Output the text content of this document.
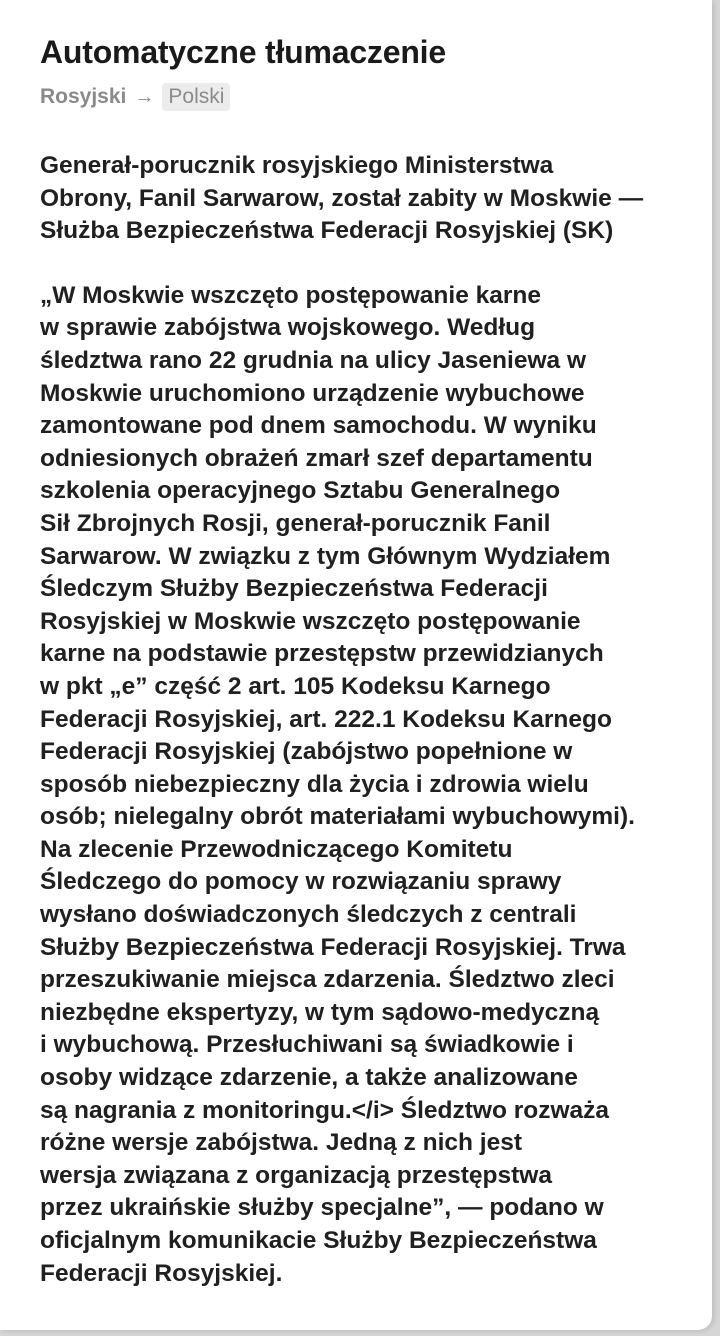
Automatyczne tłumaczenie
Rosyjski → Polski

Generał-porucznik rosyjskiego Ministerstwa
Obrony, Fanil Sarwarow, został zabity w Moskwie —
Służba Bezpieczeństwa Federacji Rosyjskiej (SK)

„W Moskwie wszczęto postępowanie karne
w sprawie zabójstwa wojskowego. Według
śledztwa rano 22 grudnia na ulicy Jaseniewa w
Moskwie uruchomiono urządzenie wybuchowe
zamontowane pod dnem samochodu. W wyniku
odniesionych obrażeń zmarł szef departamentu
szkolenia operacyjnego Sztabu Generalnego
Sił Zbrojnych Rosji, generał-porucznik Fanil
Sarwarow. W związku z tym Głównym Wydziałem
Śledczym Służby Bezpieczeństwa Federacji
Rosyjskiej w Moskwie wszczęto postępowanie
karne na podstawie przestępstw przewidzianych
w pkt „e” część 2 art. 105 Kodeksu Karnego
Federacji Rosyjskiej, art. 222.1 Kodeksu Karnego
Federacji Rosyjskiej (zabójstwo popełnione w
sposób niebezpieczny dla życia i zdrowia wielu
osób; nielegalny obrót materiałami wybuchowymi).
Na zlecenie Przewodniczącego Komitetu
Śledczego do pomocy w rozwiązaniu sprawy
wysłano doświadczonych śledczych z centrali
Służby Bezpieczeństwa Federacji Rosyjskiej. Trwa
przeszukiwanie miejsca zdarzenia. Śledztwo zleci
niezbędne ekspertyzy, w tym sądowo-medyczną
i wybuchową. Przesłuchiwani są świadkowie i
osoby widzące zdarzenie, a także analizowane
są nagrania z monitoringu.</i> Śledztwo rozważa
różne wersje zabójstwa. Jedną z nich jest
wersja związana z organizacją przestępstwa
przez ukraińskie służby specjalne”, — podano w
oficjalnym komunikacie Służby Bezpieczeństwa
Federacji Rosyjskiej.
